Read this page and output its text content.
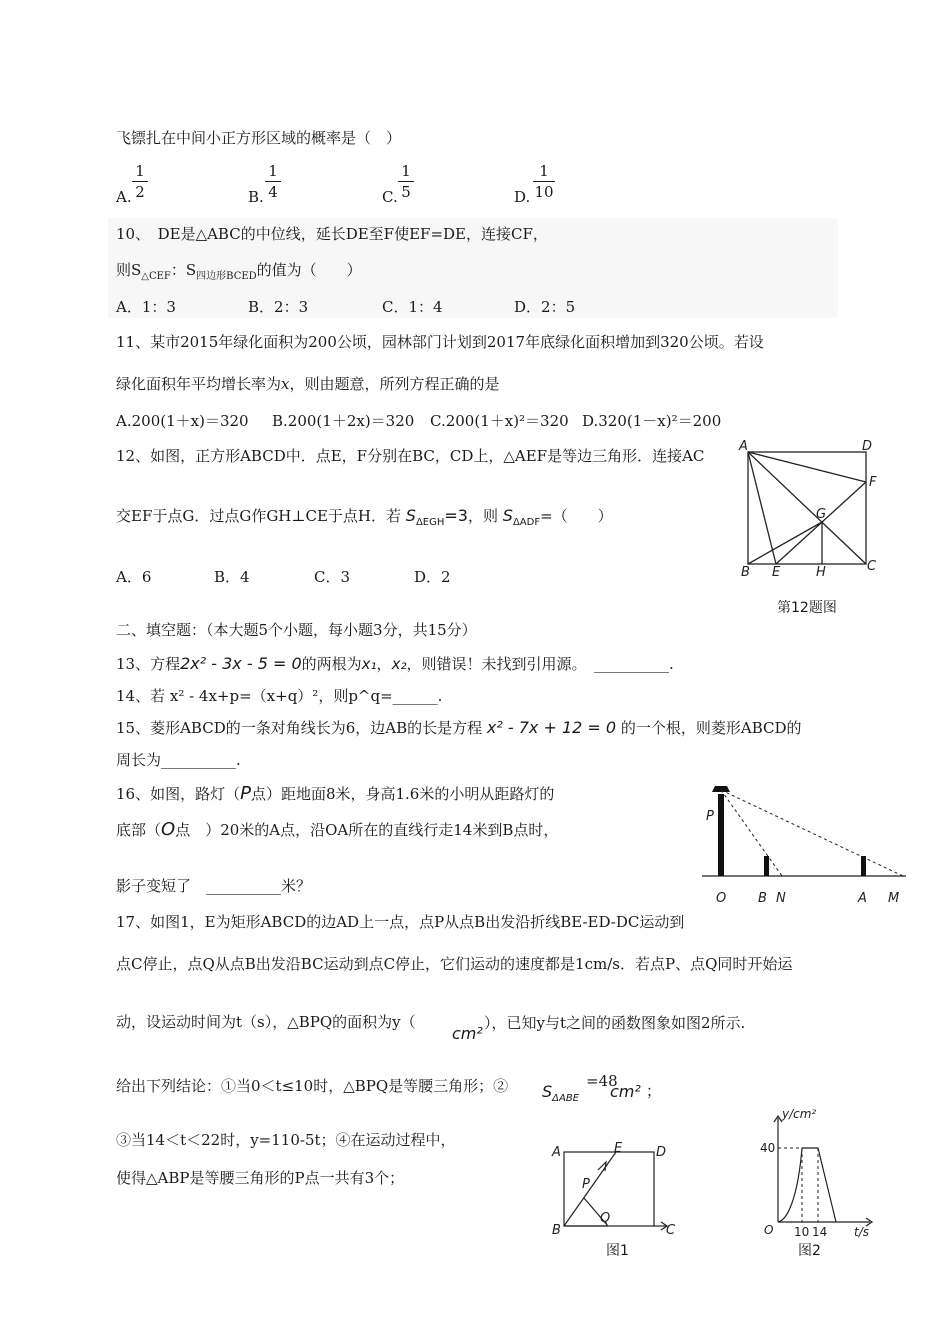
飞镖扎在中间小正方形区域的概率是（　）
A.
1
2	B.
1
4	C.
1
5	D.
1
10
10、　DE是△ABC的中位线，延长DE至F使EF=DE，连接CF，
则$S_{\triangle CEF}$：$S_{四边形BCED}$的值为（　　）
A．1：3	B．2：3	C．1：4	D．2：5
11、某市2015年绿化面积为200公顷，园林部门计划到2017年底绿化面积增加到320公顷。若设
绿化面积年平均增长率为x，则由题意，所列方程正确的是
A.200(1＋x)＝320 B.200(1＋2x)＝320 C.200(1＋x)²＝320 D.320(1－x)²＝200
12、如图，正方形ABCD中．点E，F分别在BC，CD上，△AEF是等边三角形．连接AC
交EF于点G．过点G作GH⊥CE于点H．若 $S_{\Delta EGH}=3$，则 $S_{\Delta ADF}=$（　　）
A．6	B．4	C．3	D．2
A	D
F
G
B E	H	C
第12题图
二、填空题：（本大题5个小题，每小题3分，共15分）
13、方程2x² - 3x - 5 = 0的两根为x₁，x₂，则错误！未找到引用源。　 __________.
14、若 x² - 4x+p=（x+q）²，则p^q=______.
15、菱形ABCD的一条对角线长为6，边AB的长是方程 x² - 7x + 12 = 0 的一个根，则菱形ABCD的
周长为__________.
16、如图，路灯（P点）距地面8米，身高1.6米的小明从距路灯的
底部（O点　）20米的A点，沿OA所在的直线行走14米到B点时，
影子变短了　__________米？
P
O B N	A M
17、如图1，E为矩形ABCD的边AD上一点，点P从点B出发沿折线BE-ED-DC运动到
点C停止，点Q从点B出发沿BC运动到点C停止，它们运动的速度都是1cm/s．若点P、点Q同时开始运
动，设运动时间为t（s），△BPQ的面积为y（
cm²
），已知y与t之间的函数图象如图2所示.
给出下列结论：①当0＜t≤10时，△BPQ是等腰三角形；② $S_{\Delta ABE}$
=48
cm² ；
③当14＜t＜22时，y=110-5t；④在运动过程中，
使得△ABP是等腰三角形的P点一共有3个；
A	E	D
P
B
Q
C
图1
y/cm²
40
O 10 14 t/s
图2
